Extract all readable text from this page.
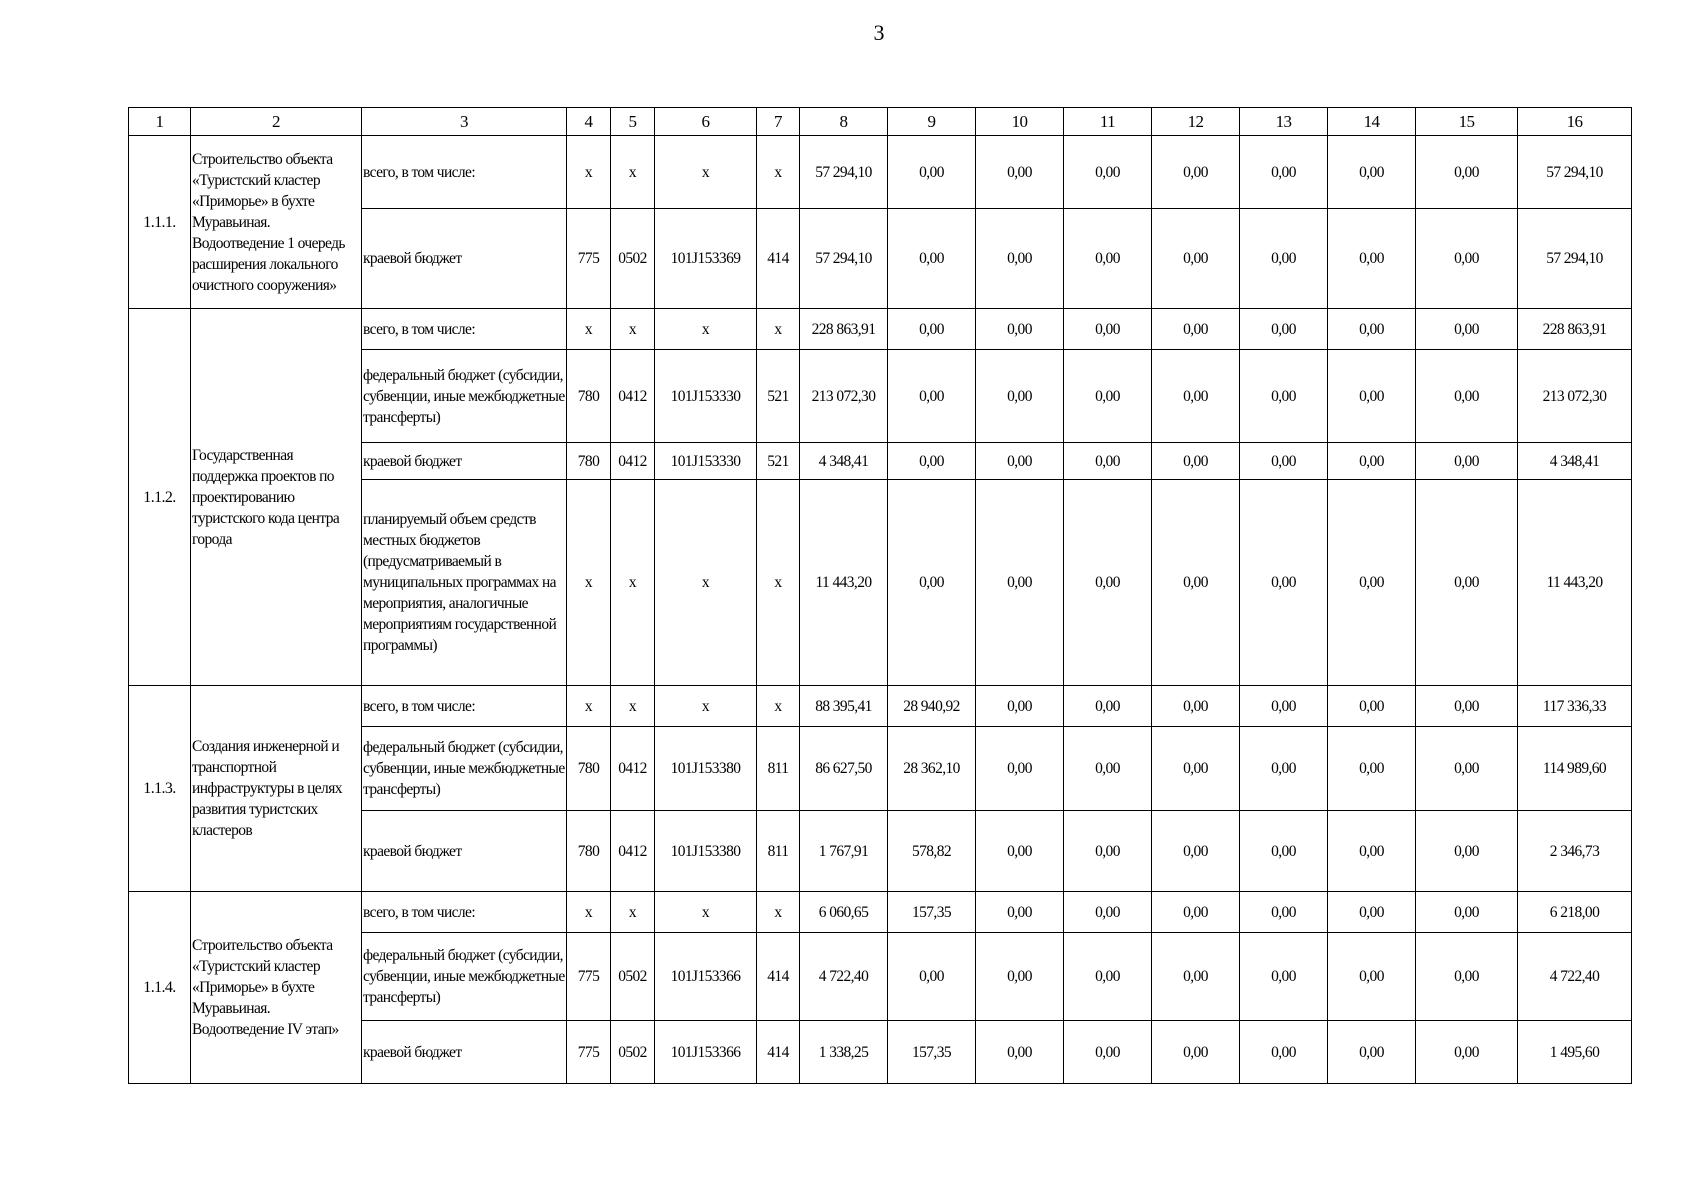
3
1	2	3	4	5	6	7	8	9	10	11	12	13	14	15	16
1.1.1.	Строительство объекта «Туристский кластер «Приморье» в бухте Муравьиная. Водоотведение 1 очередь расширения локального очистного сооружения»	всего, в том числе:	x	x	x	x	57 294,10	0,00	0,00	0,00	0,00	0,00	0,00	0,00	57 294,10
		краевой бюджет	775	0502	101J153369	414	57 294,10	0,00	0,00	0,00	0,00	0,00	0,00	0,00	57 294,10
1.1.2.	Государственная поддержка проектов по проектированию туристского кода центра города	всего, в том числе:	x	x	x	x	228 863,91	0,00	0,00	0,00	0,00	0,00	0,00	0,00	228 863,91
		федеральный бюджет (субсидии, субвенции, иные межбюджетные трансферты)	780	0412	101J153330	521	213 072,30	0,00	0,00	0,00	0,00	0,00	0,00	0,00	213 072,30
		краевой бюджет	780	0412	101J153330	521	4 348,41	0,00	0,00	0,00	0,00	0,00	0,00	0,00	4 348,41
		планируемый объем средств местных бюджетов (предусматриваемый в муниципальных программах на мероприятия, аналогичные мероприятиям государственной программы)	x	x	x	x	11 443,20	0,00	0,00	0,00	0,00	0,00	0,00	0,00	11 443,20
1.1.3.	Создания инженерной и транспортной инфраструктуры в целях развития туристских кластеров	всего, в том числе:	x	x	x	x	88 395,41	28 940,92	0,00	0,00	0,00	0,00	0,00	0,00	117 336,33
		федеральный бюджет (субсидии, субвенции, иные межбюджетные трансферты)	780	0412	101J153380	811	86 627,50	28 362,10	0,00	0,00	0,00	0,00	0,00	0,00	114 989,60
		краевой бюджет	780	0412	101J153380	811	1 767,91	578,82	0,00	0,00	0,00	0,00	0,00	0,00	2 346,73
1.1.4.	Строительство объекта «Туристский кластер «Приморье» в бухте Муравьиная. Водоотведение IV этап»	всего, в том числе:	x	x	x	x	6 060,65	157,35	0,00	0,00	0,00	0,00	0,00	0,00	6 218,00
		федеральный бюджет (субсидии, субвенции, иные межбюджетные трансферты)	775	0502	101J153366	414	4 722,40	0,00	0,00	0,00	0,00	0,00	0,00	0,00	4 722,40
		краевой бюджет	775	0502	101J153366	414	1 338,25	157,35	0,00	0,00	0,00	0,00	0,00	0,00	1 495,60
